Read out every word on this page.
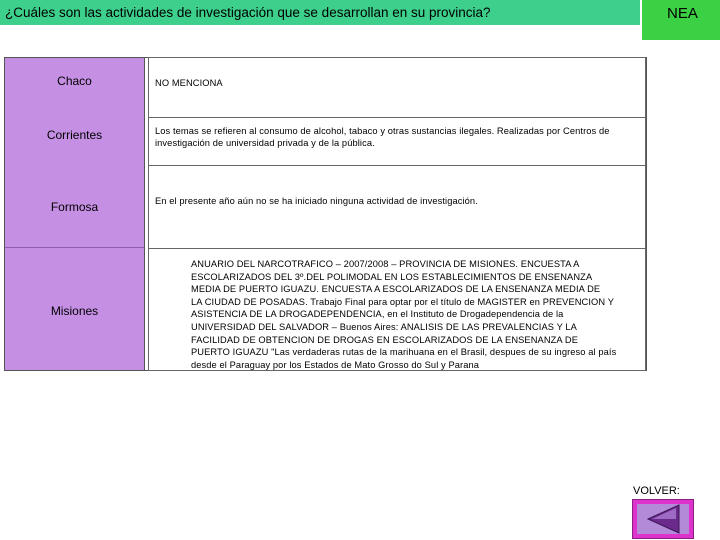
¿Cuáles son las actividades de investigación que se desarrollan en su provincia?	NEA
Chaco
Corrientes
Formosa
Misiones
NO MENCIONA
Los temas se refieren al consumo de alcohol, tabaco y otras sustancias ilegales. Realizadas por Centros de
investigación de universidad privada y de la pública.
En el presente año aún no se ha iniciado ninguna actividad de investigación.
ANUARIO DEL NARCOTRAFICO – 2007/2008 – PROVINCIA DE MISIONES. ENCUESTA A
ESCOLARIZADOS DEL 3º.DEL POLIMODAL EN LOS ESTABLECIMIENTOS DE ENSENANZA
MEDIA DE PUERTO IGUAZU. ENCUESTA A ESCOLARIZADOS DE LA ENSENANZA MEDIA DE
LA CIUDAD DE POSADAS. Trabajo Final para optar por el título de MAGISTER en PREVENCION Y
ASISTENCIA DE LA DROGADEPENDENCIA, en el Instituto de Drogadependencia de la
UNIVERSIDAD DEL SALVADOR – Buenos Aires: ANALISIS DE LAS PREVALENCIAS Y LA
FACILIDAD DE OBTENCION DE DROGAS EN ESCOLARIZADOS DE LA ENSENANZA DE
PUERTO IGUAZU "Las verdaderas rutas de la marihuana en el Brasil, despues de su ingreso al país
desde el Paraguay por los Estados de Mato Grosso do Sul y Parana
VOLVER:
